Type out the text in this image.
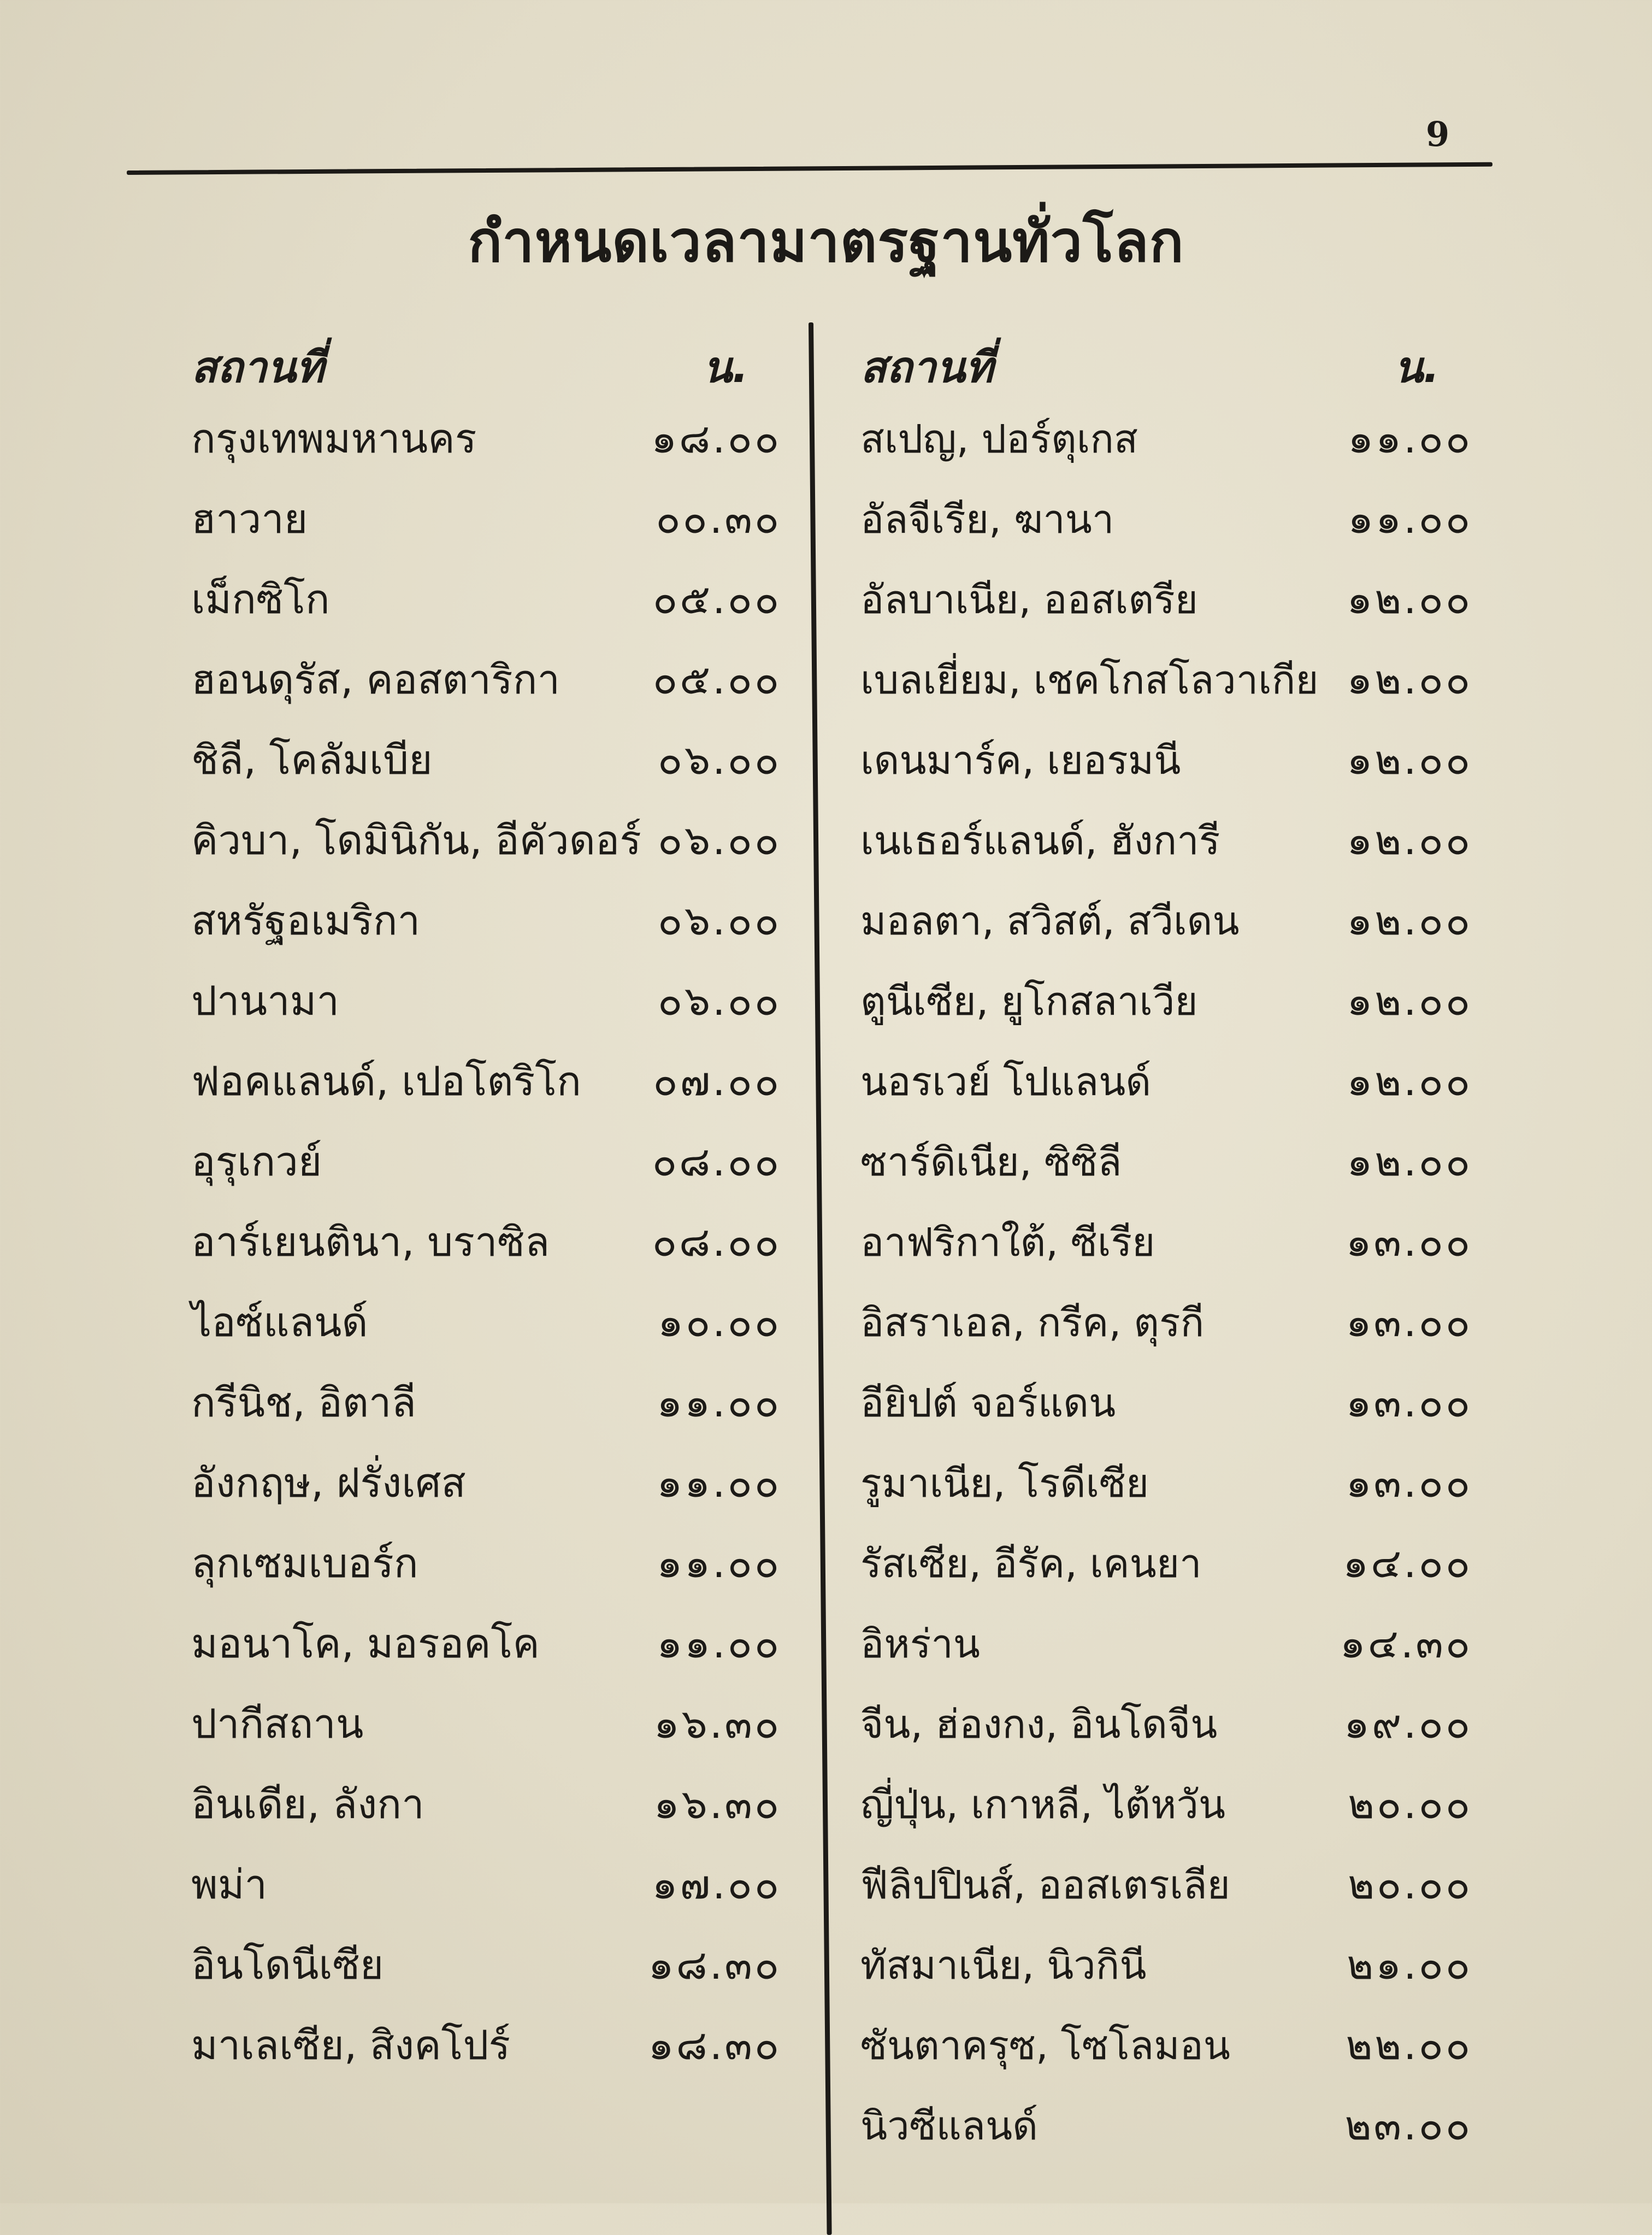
9
กำหนดเวลามาตรฐานทั่วโลก
สถานที่	น.
กรุงเทพมหานคร	๑๘.๐๐
ฮาวาย	๐๐.๓๐
เม็กซิโก	๐๕.๐๐
ฮอนดุรัส, คอสตาริกา ๐๕.๐๐
ชิลี, โคลัมเบีย	๐๖.๐๐
คิวบา, โดมินิกัน, อีคัวดอร์ ๐๖.๐๐
สหรัฐอเมริกา	๐๖.๐๐
ปานามา	๐๖.๐๐
ฟอคแลนด์, เปอโตริโก ๐๗.๐๐
อุรุเกวย์	๐๘.๐๐
อาร์เยนตินา, บราซิล	๐๘.๐๐
ไอซ์แลนด์	๑๐.๐๐
กรีนิช, อิตาลี	๑๑.๐๐
อังกฤษ, ฝรั่งเศส	๑๑.๐๐
ลุกเซมเบอร์ก	๑๑.๐๐
มอนาโค, มอรอคโค	๑๑.๐๐
ปากีสถาน	๑๖.๓๐
อินเดีย, ลังกา	๑๖.๓๐
พม่า	๑๗.๐๐
อินโดนีเซีย	๑๘.๓๐
มาเลเซีย, สิงคโปร์	๑๘.๓๐
สถานที่	น.
สเปญ, ปอร์ตุเกส	๑๑.๐๐
อัลจีเรีย, ฆานา	๑๑.๐๐
อัลบาเนีย, ออสเตรีย	๑๒.๐๐
เบลเยี่ยม, เชคโกสโลวาเกีย ๑๒.๐๐
เดนมาร์ค, เยอรมนี	๑๒.๐๐
เนเธอร์แลนด์, ฮังการี	๑๒.๐๐
มอลตา, สวิสต์, สวีเดน	๑๒.๐๐
ตูนีเซีย, ยูโกสลาเวีย	๑๒.๐๐
นอรเวย์ โปแลนด์	๑๒.๐๐
ซาร์ดิเนีย, ซิซิลี	๑๒.๐๐
อาฟริกาใต้, ซีเรีย	๑๓.๐๐
อิสราเอล, กรีค, ตุรกี	๑๓.๐๐
อียิปต์ จอร์แดน	๑๓.๐๐
รูมาเนีย, โรดีเซีย	๑๓.๐๐
รัสเซีย, อีรัค, เคนยา	๑๔.๐๐
อิหร่าน	๑๔.๓๐
จีน, ฮ่องกง, อินโดจีน	๑๙.๐๐
ญี่ปุ่น, เกาหลี, ไต้หวัน	๒๐.๐๐
ฟีลิปปินส์, ออสเตรเลีย	๒๐.๐๐
ทัสมาเนีย, นิวกินี	๒๑.๐๐
ซันตาครุซ, โซโลมอน	๒๒.๐๐
นิวซีแลนด์	๒๓.๐๐
